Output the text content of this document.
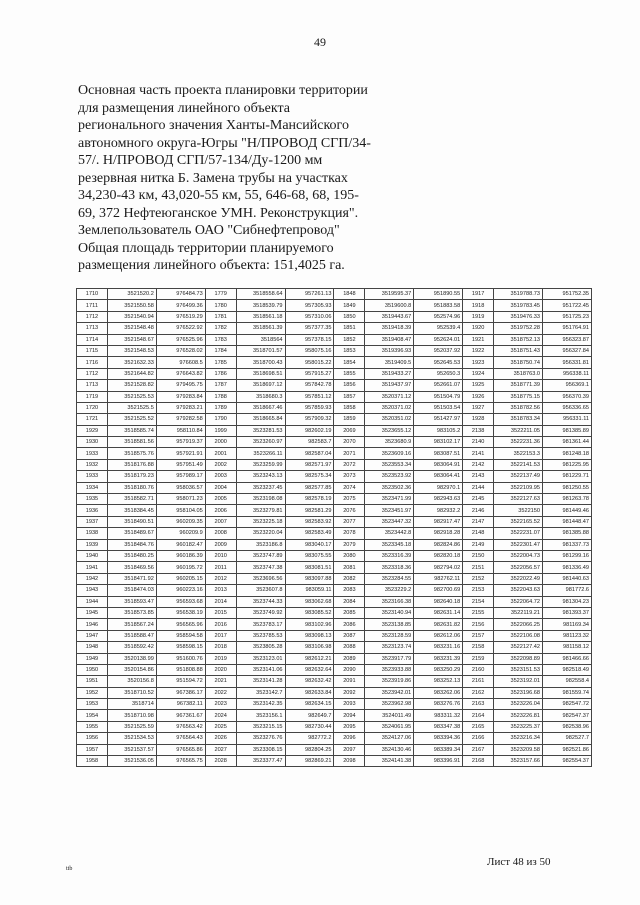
49
Основная часть проекта планировки территории
для размещения линейного объекта
регионального значения Ханты-Мансийского
автономного округа-Югры "Н/ПРОВОД СГП/34-
57/. Н/ПРОВОД СГП/57-134/Ду-1200 мм
резервная нитка Б. Замена трубы на участках
34,230-43 км, 43,020-55 км, 55, 646-68, 68, 195-
69, 372 Нефтеюганское УМН. Реконструкция".
Землепользователь ОАО "Сибнефтепровод"
Общая площадь территории планируемого
размещения линейного объекта: 151,4025 га.
1710	3521520.2	976484.73	1779	3518558.64	957261.13	1848	3519595.37	951890.55	1917	3519788.73	951752.35
1711	3521550.58	976499.36	1780	3518539.79	957305.93	1849	3519600.8	951883.58	1918	3519783.45	951722.45
1712	3521540.94	976519.29	1781	3518561.18	957310.06	1850	3519443.67	952574.96	1919	3519476.33	951725.23
1713	3521548.48	976522.92	1782	3518561.39	957377.35	1851	3519418.39	952539.4	1920	3519752.28	951764.91
1714	3521548.67	976525.96	1783	3518564	957378.15	1852	3519408.47	952624.01	1921	3518752.13	956323.87
1715	3521548.53	976528.02	1784	3518701.57	958075.16	1853	3519396.93	952037.92	1922	3518751.43	956327.84
1716	3521632.33	976608.5	1785	3518700.43	958015.22	1854	3519409.5	952645.53	1923	3518750.74	956331.81
1712	3521644.82	976643.82	1786	3518698.51	957915.27	1855	3519433.27	952650.3	1924	3518763.0	956338.11
1713	3521528.82	979495.75	1787	3518697.12	957842.78	1856	3519437.97	952661.07	1925	3518771.39	956369.1
1719	3521525.53	979283.84	1788	3518680.3	957851.12	1857	3520371.12	951504.79	1926	3518775.15	956370.39
1720	3521525.5	979283.21	1789	3518667.46	957859.93	1858	3520371.02	951503.54	1927	3518782.56	956336.65
1721	3521525.52	979282.58	1790	3518665.84	957909.32	1859	3520351.02	951427.97	1928	3518783.34	956331.11
1929	3518585.74	958110.84	1999	3523281.53	982602.19	2069	3523655.12	983105.2	2138	3522211.05	981385.89
1930	3518581.56	957919.37	2000	3523260.97	982583.7	2070	3523680.9	983102.17	2140	3522231.36	981361.44
1933	3518575.76	957921.91	2001	3523266.11	982587.04	2071	3523609.16	983087.51	2141	3522153.3	981248.18
1932	3518176.88	957951.49	2002	3523259.99	982571.97	2072	3523553.34	983064.91	2142	3522141.53	981225.95
1933	3518179.23	957989.17	2003	3523243.13	982575.34	2073	3523523.92	983064.41	2143	3522137.49	981229.71
1934	3518180.76	958036.57	2004	3523237.45	982577.85	2074	3523502.36	982970.1	2144	3522109.95	981250.55
1935	3518582.71	958071.23	2005	3523198.08	982578.19	2075	3523471.99	982943.63	2145	3522127.63	981263.78
1936	3518384.45	958104.05	2006	3523279.81	982581.29	2076	3523451.97	982932.2	2146	3522150	981449.46
1937	3518490.51	960209.35	2007	3523225.18	982583.92	2077	3523447.32	982917.47	2147	3522165.52	981448.47
1938	3518489.67	960209.9	2008	3523220.04	982583.49	2078	3523442.8	982918.28	2148	3522231.07	981385.88
1939	3518484.76	960182.47	2009	3523186.8	983040.17	2079	3523345.18	982824.86	2149	3522301.47	981337.73
1940	3518480.25	960186.39	2010	3523747.89	983075.55	2080	3523316.39	982820.18	2150	3522004.73	981299.16
1941	3518469.56	960195.72	2011	3523747.38	983081.51	2081	3523318.36	982794.02	2151	3522056.57	981336.49
1942	3518471.92	960205.15	2012	3523696.56	983097.88	2082	3523284.55	982762.11	2152	3522022.49	981440.63
1943	3518474.03	960223.16	2013	3523607.8	983059.11	2083	3523229.2	982700.69	2153	3522043.63	981772.6
1944	3518593.47	956593.68	2014	3523744.33	983062.68	2084	3523166.38	982640.18	2154	3522064.72	981304.23
1945	3518573.85	956538.19	2015	3523749.92	983085.52	2085	3523140.94	982631.14	2155	3522119.21	981393.37
1946	3518567.24	956565.96	2016	3523783.17	983102.96	2086	3523138.85	982631.82	2156	3522066.25	981169.34
1947	3518588.47	958594.58	2017	3523785.53	983098.13	2087	3523128.59	982612.06	2157	3522106.08	981123.32
1948	3518592.42	958598.15	2018	3523805.28	983106.98	2088	3523123.74	983231.16	2158	3522127.42	981158.12
1949	3520138.99	951600.76	2019	3523123.01	982612.21	2089	3523917.79	983231.39	2159	3522098.89	981466.66
1950	3520154.86	951808.88	2020	3523141.06	982632.64	2090	3523933.88	983250.29	2160	3523151.53	982518.49
1951	3520156.8	951594.72	2021	3523141.28	982632.42	2091	3523919.86	983252.13	2161	3523192.01	982558.4
1952	3518710.52	967386.17	2022	3523142.7	982633.84	2092	3523942.01	983262.06	2162	3523196.68	981559.74
1953	3518714	967382.11	2023	3523142.35	982634.15	2093	3523962.98	983276.76	2163	3523226.04	982547.72
1954	3518710.98	967361.67	2024	3523156.1	982649.7	2094	3524011.49	983311.32	2164	3523226.81	982547.37
1955	3521525.59	976563.42	2025	3523215.15	982730.44	2095	3524061.95	983347.38	2165	3523225.37	982538.96
1956	3521534.53	976564.43	2026	3523276.76	982772.2	2096	3524127.06	983394.36	2166	3523216.34	982527.7
1957	3521537.57	976565.86	2027	3523308.15	982804.25	2097	3524130.46	983389.34	2167	3523209.58	982521.86
1958	3521536.05	976565.75	2028	3523377.47	982869.21	2098	3524141.38	983396.91	2168	3523157.66	982554.37
Лист 48 из 50
ttb
